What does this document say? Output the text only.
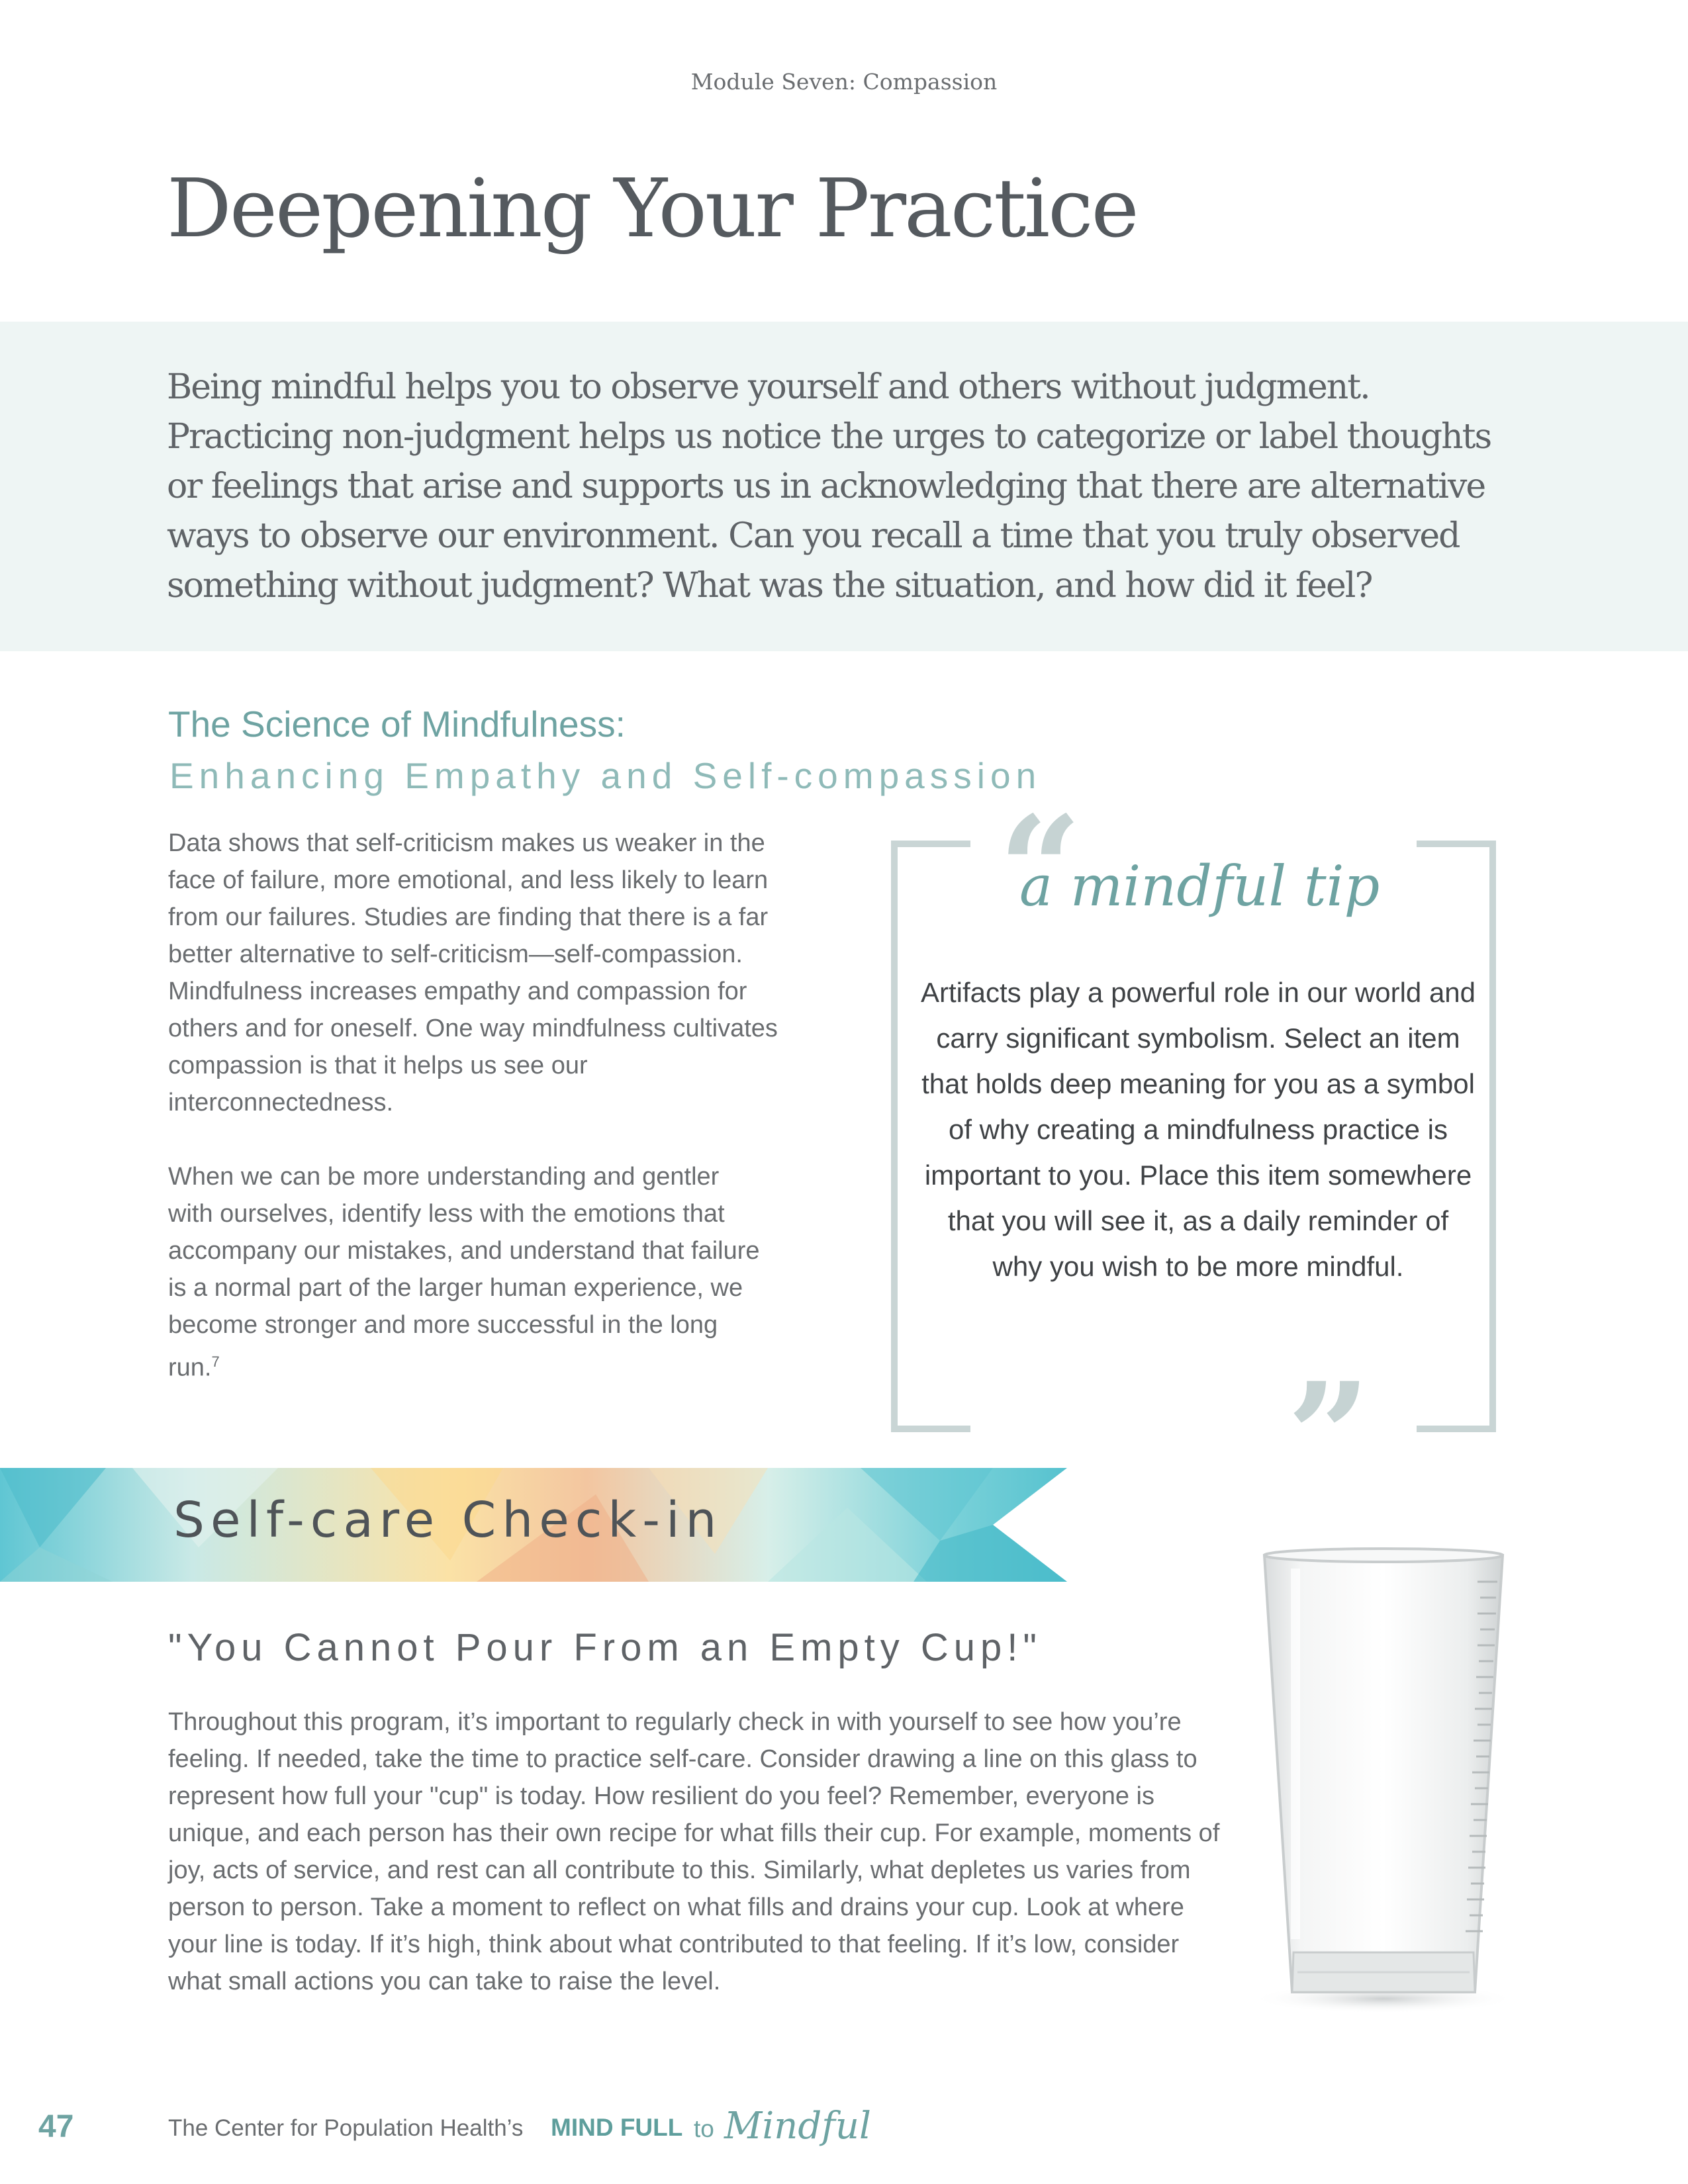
Module Seven: Compassion
Deepening Your Practice

Being mindful helps you to observe yourself and others without judgment. Practicing non-judgment helps us notice the urges to categorize or label thoughts or feelings that arise and supports us in acknowledging that there are alternative ways to observe our environment. Can you recall a time that you truly observed something without judgment? What was the situation, and how did it feel?

The Science of Mindfulness:
Enhancing Empathy and Self-compassion

Data shows that self-criticism makes us weaker in the face of failure, more emotional, and less likely to learn from our failures. Studies are finding that there is a far better alternative to self-criticism—self-compassion. Mindfulness increases empathy and compassion for others and for oneself. One way mindfulness cultivates compassion is that it helps us see our interconnectedness.

When we can be more understanding and gentler with ourselves, identify less with the emotions that accompany our mistakes, and understand that failure is a normal part of the larger human experience, we become stronger and more successful in the long run.$^7$

“
”
a mindful tip

Artifacts play a powerful role in our world and carry significant symbolism. Select an item that holds deep meaning for you as a symbol of why creating a mindfulness practice is important to you. Place this item somewhere that you will see it, as a daily reminder of why you wish to be more mindful.

Self-care Check-in
"You Cannot Pour From an Empty Cup!"

Throughout this program, it’s important to regularly check in with yourself to see how you’re feeling. If needed, take the time to practice self-care. Consider drawing a line on this glass to represent how full your "cup" is today. How resilient do you feel? Remember, everyone is unique, and each person has their own recipe for what fills their cup. For example, moments of joy, acts of service, and rest can all contribute to this. Similarly, what depletes us varies from person to person. Take a moment to reflect on what fills and drains your cup. Look at where your line is today. If it’s high, think about what contributed to that feeling. If it’s low, consider what small actions you can take to raise the level.

47	The Center for Population Health’s MIND FULL to Mindful
